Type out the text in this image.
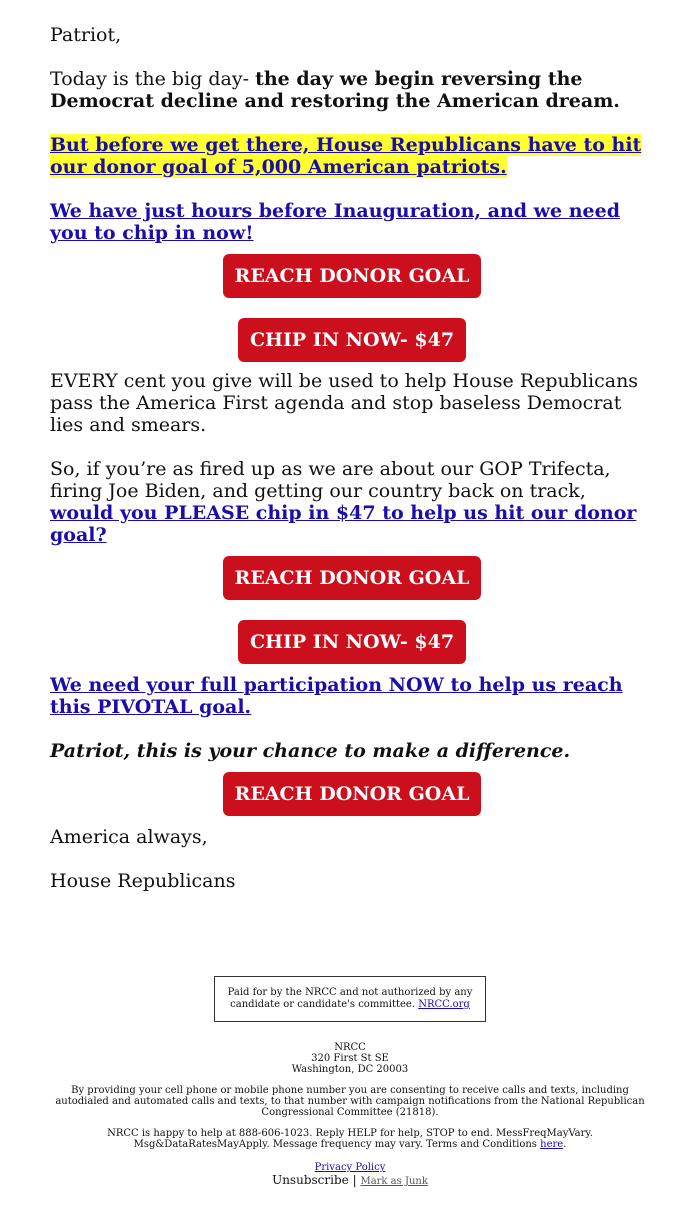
Patriot,

Today is the big day- the day we begin reversing the Democrat decline and restoring the American dream.

But before we get there, House Republicans have to hit our donor goal of 5,000 American patriots.
We have just hours before Inauguration, and we need you to chip in now!
REACH DONOR GOAL
CHIP IN NOW- $47

EVERY cent you give will be used to help House Republicans pass the America First agenda and stop baseless Democrat lies and smears.

So, if you’re as fired up as we are about our GOP Trifecta, firing Joe Biden, and getting our country back on track, would you PLEASE chip in $47 to help us hit our donor goal?

REACH DONOR GOAL
CHIP IN NOW- $47
We need your full participation NOW to help us reach this PIVOTAL goal.

Patriot, this is your chance to make a difference.

REACH DONOR GOAL

America always,

House Republicans

Paid for by the NRCC and not authorized by any candidate or candidate's committee. NRCC.org
NRCC
320 First St SE
Washington, DC 20003
By providing your cell phone or mobile phone number you are consenting to receive calls and texts, including autodialed and automated calls and texts, to that number with campaign notifications from the National Republican Congressional Committee (21818).
NRCC is happy to help at 888-606-1023. Reply HELP for help, STOP to end. MessFreqMayVary. Msg&DataRatesMayApply. Message frequency may vary. Terms and Conditions here.
Privacy Policy
Unsubscribe | Mark as Junk
